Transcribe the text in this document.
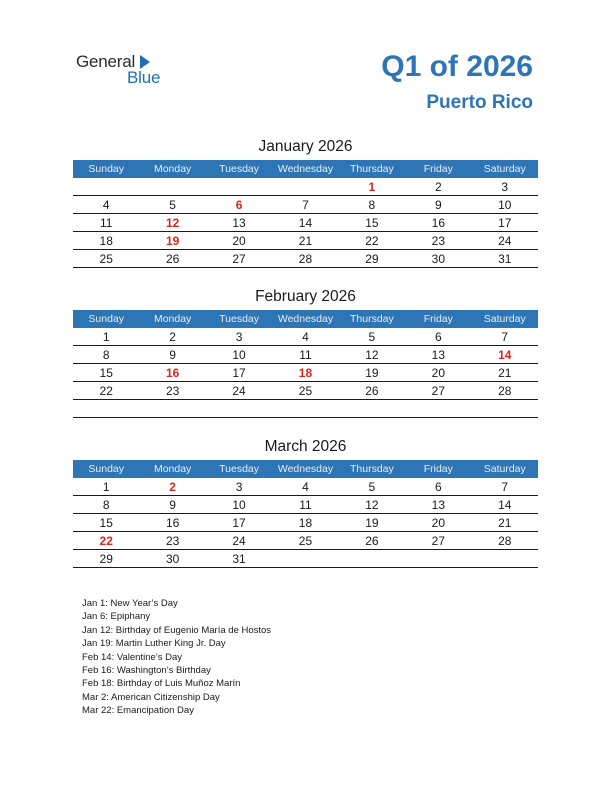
General
Blue	Q1 of 2026
Puerto Rico
January 2026
Sunday	Monday	Tuesday	Wednesday	Thursday	Friday	Saturday
				1	2	3
4	5	6	7	8	9	10
11	12	13	14	15	16	17
18	19	20	21	22	23	24
25	26	27	28	29	30	31
February 2026
Sunday	Monday	Tuesday	Wednesday	Thursday	Friday	Saturday
1	2	3	4	5	6	7
8	9	10	11	12	13	14
15	16	17	18	19	20	21
22	23	24	25	26	27	28

March 2026
Sunday	Monday	Tuesday	Wednesday	Thursday	Friday	Saturday
1	2	3	4	5	6	7
8	9	10	11	12	13	14
15	16	17	18	19	20	21
22	23	24	25	26	27	28
29	30	31				
Jan 1: New Year’s Day
Jan 6: Epiphany
Jan 12: Birthday of Eugenio María de Hostos
Jan 19: Martin Luther King Jr. Day
Feb 14: Valentine’s Day
Feb 16: Washington’s Birthday
Feb 18: Birthday of Luis Muñoz Marín
Mar 2: American Citizenship Day
Mar 22: Emancipation Day
